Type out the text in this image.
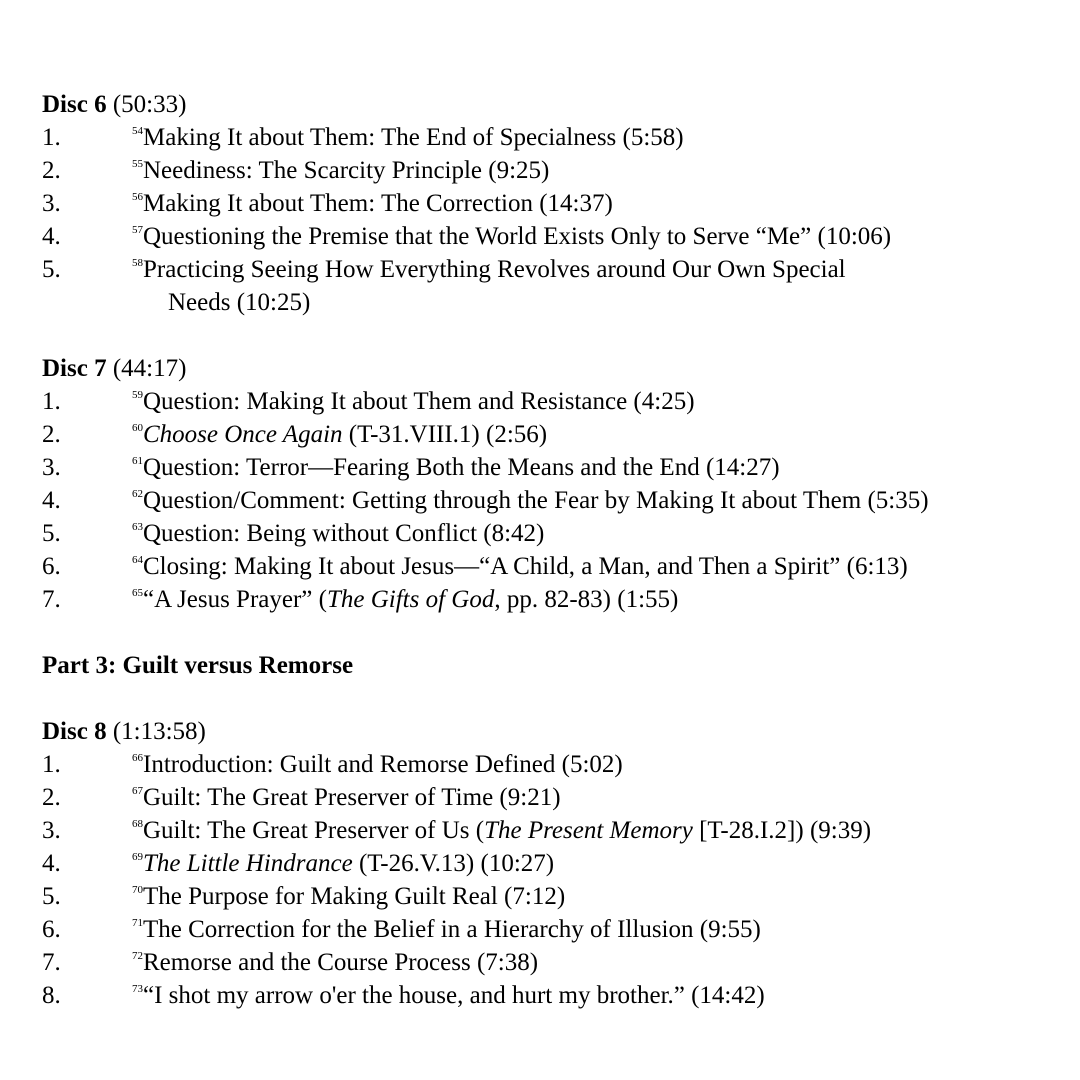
Disc 6 (50:33)

1.	$^{54}$Making It about Them: The End of Specialness (5:58)
2.	$^{55}$Neediness: The Scarcity Principle (9:25)
3.	$^{56}$Making It about Them: The Correction (14:37)
4.	$^{57}$Questioning the Premise that the World Exists Only to Serve “Me” (10:06)
5.	$^{58}$Practicing Seeing How Everything Revolves around Our Own Special
Needs (10:25)

Disc 7 (44:17)

1.	$^{59}$Question: Making It about Them and Resistance (4:25)
2.	$^{60}$Choose Once Again (T-31.VIII.1) (2:56)
3.	$^{61}$Question: Terror—Fearing Both the Means and the End (14:27)
4.	$^{62}$Question/Comment: Getting through the Fear by Making It about Them (5:35)
5.	$^{63}$Question: Being without Conflict (8:42)
6.	$^{64}$Closing: Making It about Jesus—“A Child, a Man, and Then a Spirit” (6:13)
7.	$^{65}$“A Jesus Prayer” (The Gifts of God, pp. 82-83) (1:55)

Part 3: Guilt versus Remorse

Disc 8 (1:13:58)

1.	$^{66}$Introduction: Guilt and Remorse Defined (5:02)
2.	$^{67}$Guilt: The Great Preserver of Time (9:21)
3.	$^{68}$Guilt: The Great Preserver of Us (The Present Memory [T-28.I.2]) (9:39)
4.	$^{69}$The Little Hindrance (T-26.V.13) (10:27)
5.	$^{70}$The Purpose for Making Guilt Real (7:12)
6.	$^{71}$The Correction for the Belief in a Hierarchy of Illusion (9:55)
7.	$^{72}$Remorse and the Course Process (7:38)
8.	$^{73}$“I shot my arrow o'er the house, and hurt my brother.” (14:42)
